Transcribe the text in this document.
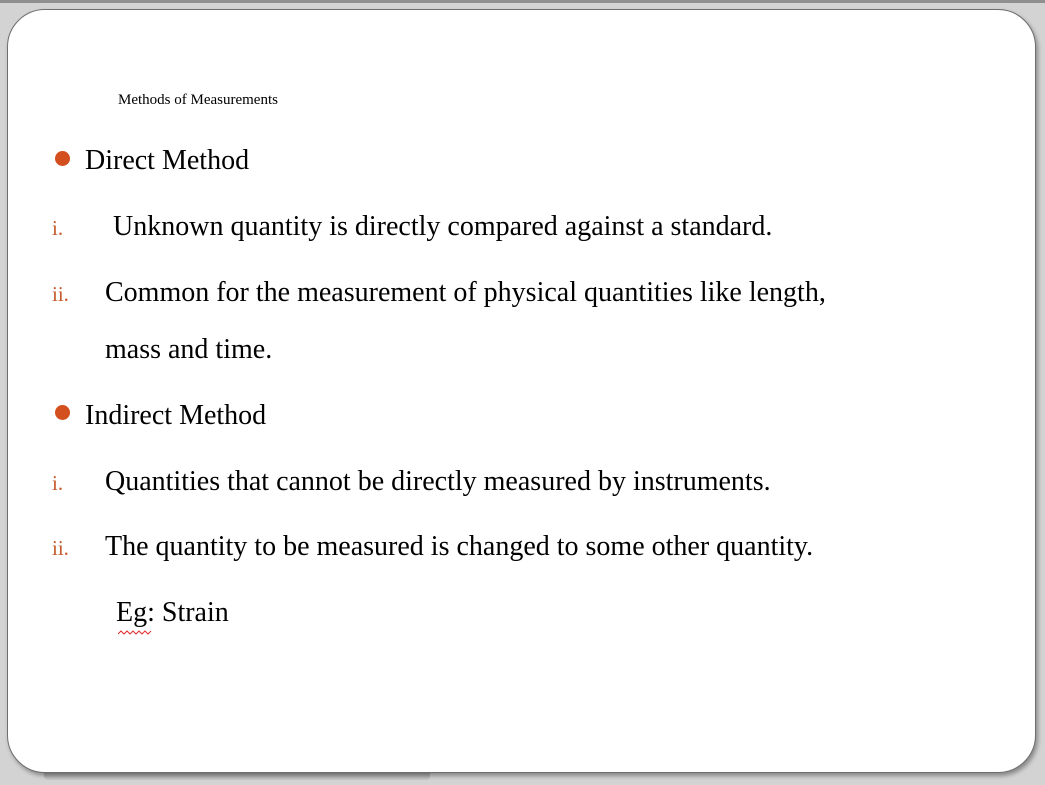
Methods of Measurements
Direct Method
i. Unknown quantity is directly compared against a standard.
ii. Common for the measurement of physical quantities like length,
mass and time.
Indirect Method
i. Quantities that cannot be directly measured by instruments.
ii. The quantity to be measured is changed to some other quantity.
Eg: Strain
